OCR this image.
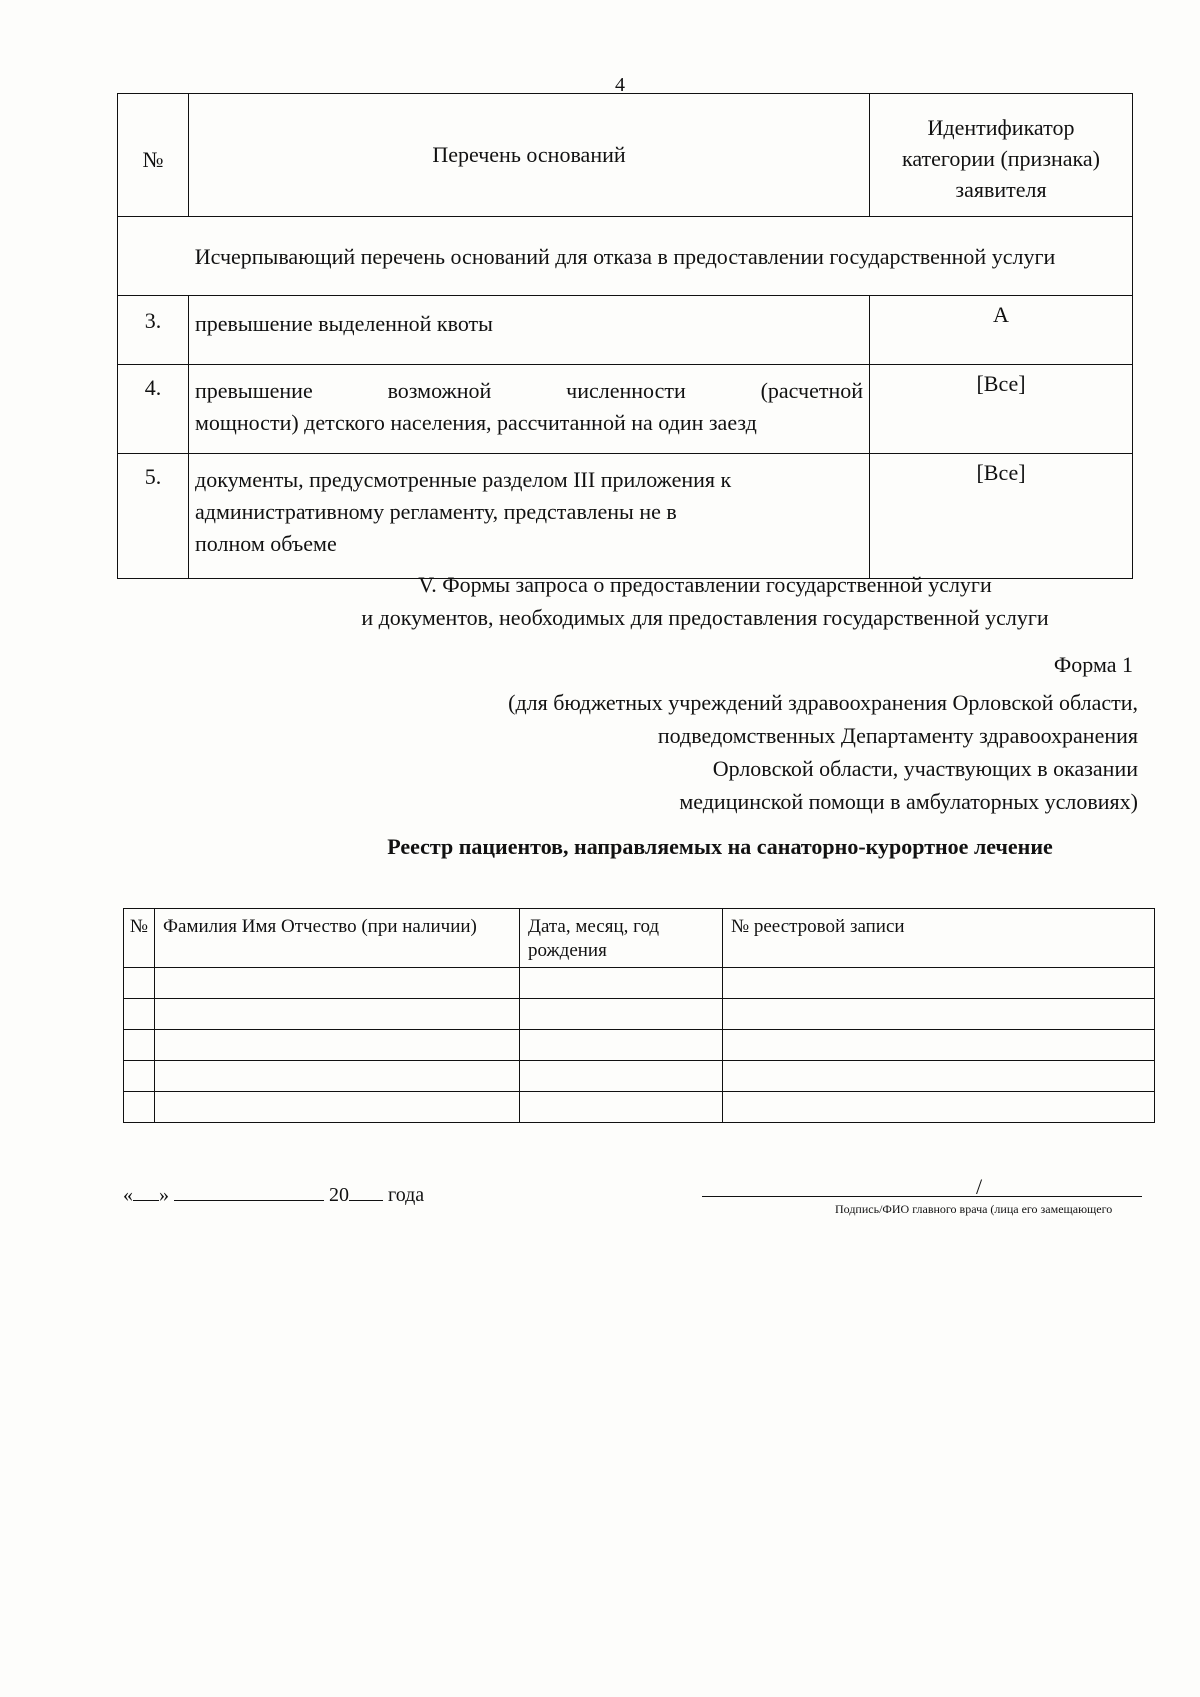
4
№	Перечень оснований	Идентификатор
категории (признака)
заявителя

Исчерпывающий перечень оснований для отказа в предоставлении государственной услуги		
3.	превышение выделенной квоты	А
4.	превышение возможной численности (расчетной
мощности) детского населения, рассчитанной на один заезд	[Все]
5.	документы, предусмотренные разделом III приложения к
административному регламенту, представлены не в
полном объеме	[Все]
V. Формы запроса о предоставлении государственной услуги
и документов, необходимых для предоставления государственной услуги
Форма 1
(для бюджетных учреждений здравоохранения Орловской области,
подведомственных Департаменту здравоохранения
Орловской области, участвующих в оказании
медицинской помощи в амбулаторных условиях)
Реестр пациентов, направляемых на санаторно-курортное лечение
№	Фамилия Имя Отчество (при наличии)	Дата, месяц, год рождения	№ реестровой записи

« »	20 года	/
Подпись/ФИО главного врача (лица его замещающего
